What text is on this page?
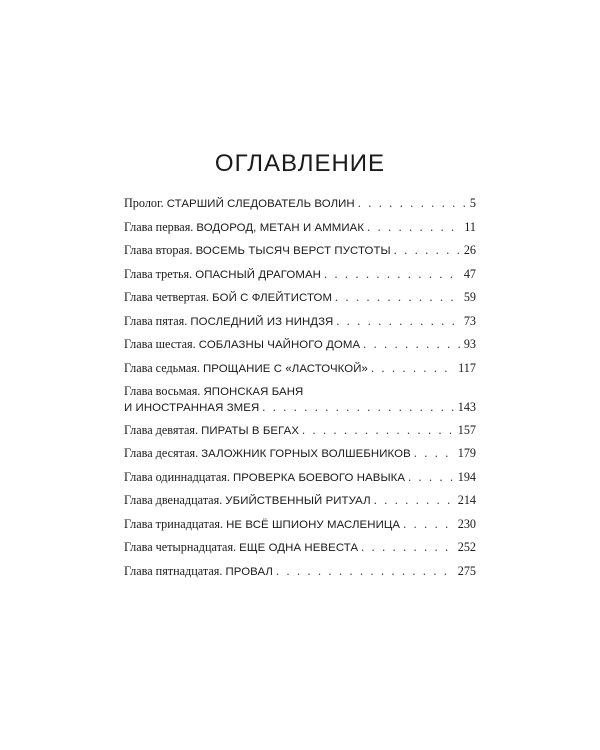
ОГЛАВЛЕНИЕ
Пролог. СТАРШИЙ СЛЕДОВАТЕЛЬ ВОЛИН . . .	5
Глава первая. ВОДОРОД, МЕТАН И АММИАК . . .	11
Глава вторая. ВОСЕМЬ ТЫСЯЧ ВЕРСТ ПУСТОТЫ . . .	26
Глава третья. ОПАСНЫЙ ДРАГОМАН . . .	47
Глава четвертая. БОЙ С ФЛЕЙТИСТОМ . . .	59
Глава пятая. ПОСЛЕДНИЙ ИЗ НИНДЗЯ . . .	73
Глава шестая. СОБЛАЗНЫ ЧАЙНОГО ДОМА . . .	93
Глава седьмая. ПРОЩАНИЕ С «ЛАСТОЧКОЙ» . . .	117
Глава восьмая. ЯПОНСКАЯ БАНЯ
И ИНОСТРАННАЯ ЗМЕЯ . . .	143
Глава девятая. ПИРАТЫ В БЕГАХ . . .	157
Глава десятая. ЗАЛОЖНИК ГОРНЫХ ВОЛШЕБНИКОВ . . .	179
Глава одиннадцатая. ПРОВЕРКА БОЕВОГО НАВЫКА . . .	194
Глава двенадцатая. УБИЙСТВЕННЫЙ РИТУАЛ . . .	214
Глава тринадцатая. НЕ ВСЁ ШПИОНУ МАСЛЕНИЦА . . .	230
Глава четырнадцатая. ЕЩЕ ОДНА НЕВЕСТА . . .	252
Глава пятнадцатая. ПРОВАЛ . . .	275
